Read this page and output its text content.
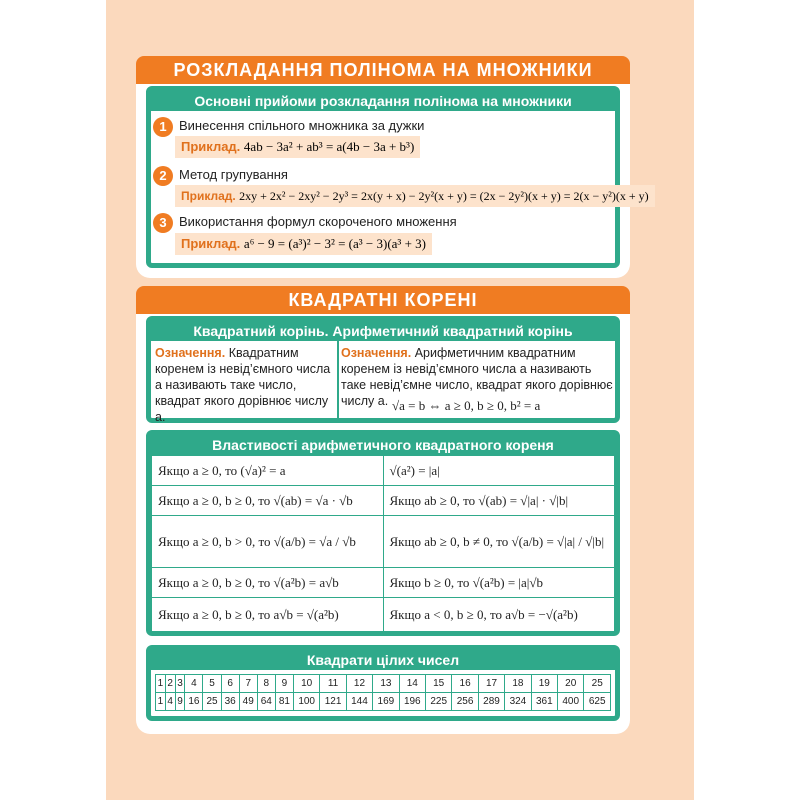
РОЗКЛАДАННЯ ПОЛІНОМА НА МНОЖНИКИ
Основні прийоми розкладання полінома на множники
1 Винесення спільного множника за дужки
Приклад. 4ab − 3a² + ab³ = a(4b − 3a + b³)
2 Метод групування
Приклад. 2xy + 2x² − 2xy² − 2y³ = 2x(y + x) − 2y²(x + y) = (2x − 2y²)(x + y) = 2(x − y²)(x + y)
3 Використання формул скороченого множення
Приклад. a⁶ − 9 = (a³)² − 3² = (a³ − 3)(a³ + 3)
КВАДРАТНІ КОРЕНІ
Квадратний корінь. Арифметичний квадратний корінь
Означення. Квадратним коренем із невід’ємного числа a називають таке число, квадрат якого дорівнює числу a.
Означення. Арифметичним квадратним коренем із невід’ємного числа a називають таке невід’ємне число, квадрат якого дорівнює числу a. √a = b ⇔ a ≥ 0, b ≥ 0, b² = a
Властивості арифметичного квадратного кореня
Якщо a ≥ 0, то (√a)² = a	√(a²) = |a|
Якщо a ≥ 0, b ≥ 0, то √(ab) = √a · √b	Якщо ab ≥ 0, то √(ab) = √|a| · √|b|
Якщо a ≥ 0, b > 0, то √(a/b) = √a / √b	Якщо ab ≥ 0, b ≠ 0, то √(a/b) = √|a| / √|b|
Якщо a ≥ 0, b ≥ 0, то √(a²b) = a√b	Якщо b ≥ 0, то √(a²b) = |a|√b
Якщо a ≥ 0, b ≥ 0, то a√b = √(a²b)	Якщо a < 0, b ≥ 0, то a√b = −√(a²b)
Квадрати цілих чисел
1	2	3	4	5	6	7	8	9	10	11	12	13	14	15	16	17	18	19	20	25
1	4	9	16	25	36	49	64	81	100	121	144	169	196	225	256	289	324	361	400	625
